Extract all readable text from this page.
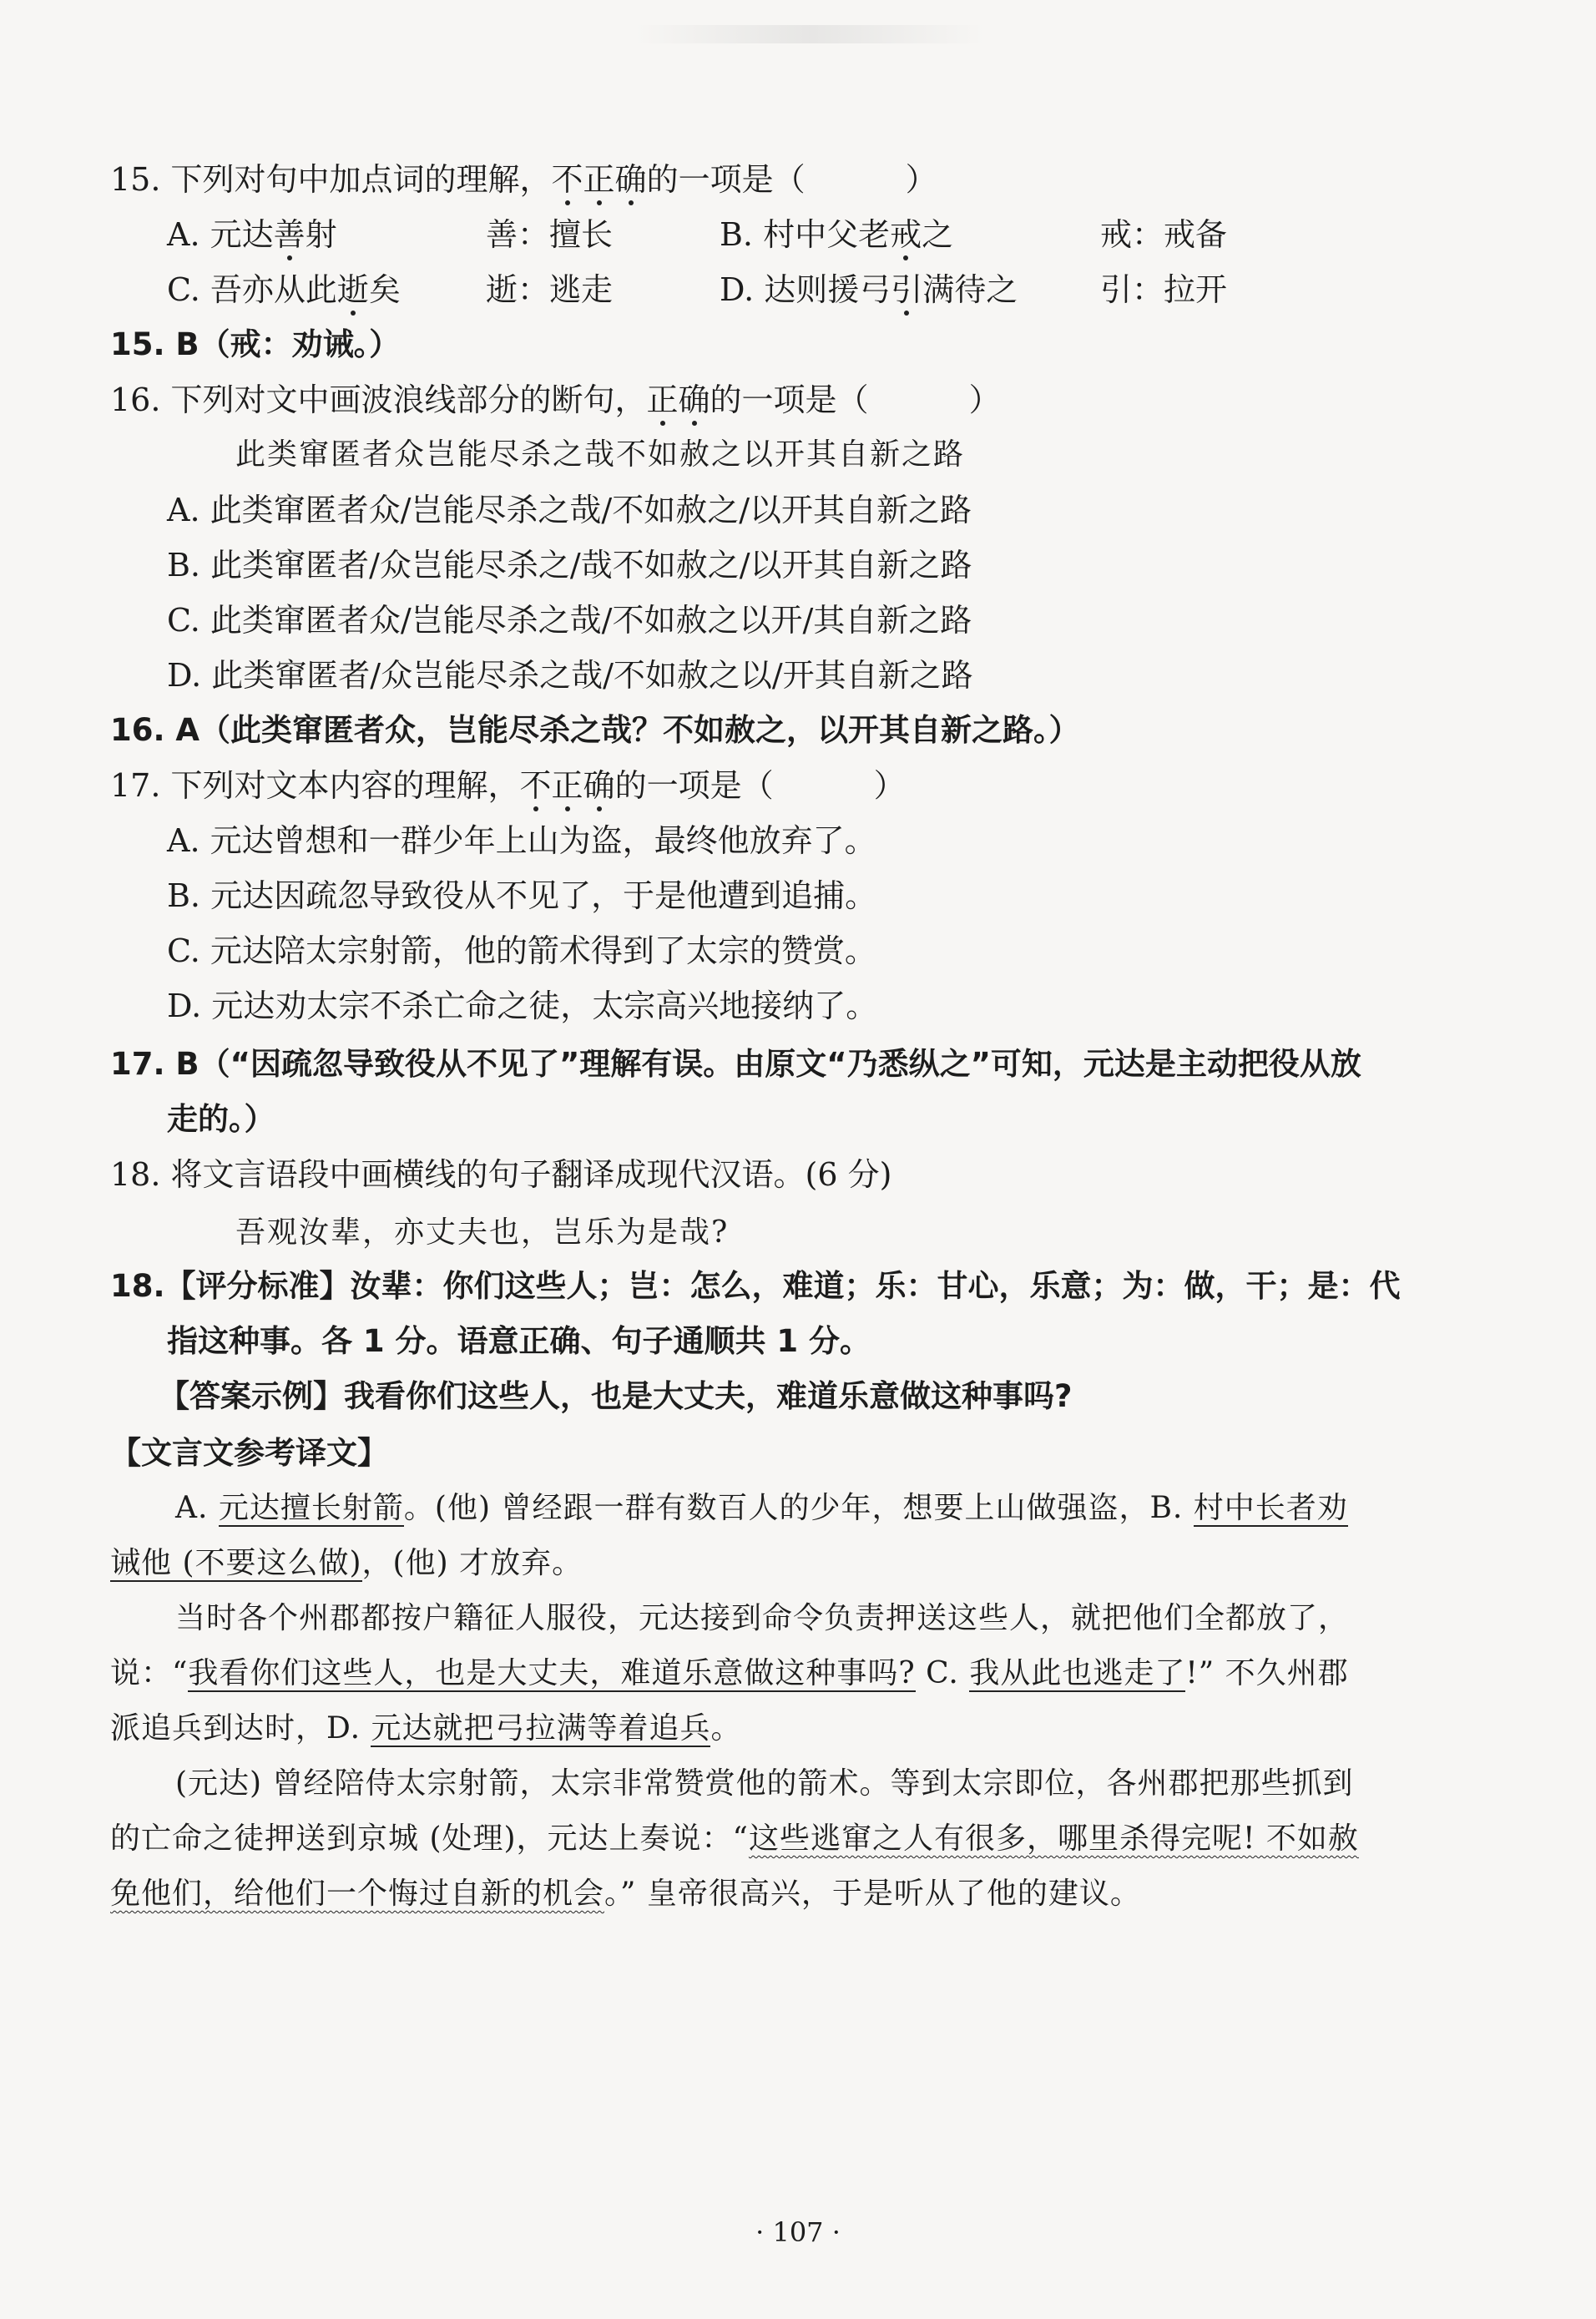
15. 下列对句中加点词的理解，不正确的一项是（	）
A. 元达善射	善：擅长	B. 村中父老戒之	戒：戒备
C. 吾亦从此逝矣	逝：逃走	D. 达则援弓引满待之	引：拉开
15. B（戒：劝诫。）
16. 下列对文中画波浪线部分的断句，正确的一项是（	）
此类窜匿者众岂能尽杀之哉不如赦之以开其自新之路
A. 此类窜匿者众/岂能尽杀之哉/不如赦之/以开其自新之路
B. 此类窜匿者/众岂能尽杀之/哉不如赦之/以开其自新之路
C. 此类窜匿者众/岂能尽杀之哉/不如赦之以开/其自新之路
D. 此类窜匿者/众岂能尽杀之哉/不如赦之以/开其自新之路
16. A（此类窜匿者众，岂能尽杀之哉？不如赦之，以开其自新之路。）
17. 下列对文本内容的理解，不正确的一项是（	）
A. 元达曾想和一群少年上山为盗，最终他放弃了。
B. 元达因疏忽导致役从不见了，于是他遭到追捕。
C. 元达陪太宗射箭，他的箭术得到了太宗的赞赏。
D. 元达劝太宗不杀亡命之徒，太宗高兴地接纳了。
17. B（“因疏忽导致役从不见了”理解有误。由原文“乃悉纵之”可知，元达是主动把役从放
走的。）
18. 将文言语段中画横线的句子翻译成现代汉语。(6 分)
吾观汝辈，亦丈夫也，岂乐为是哉?
18.【评分标准】汝辈：你们这些人；岂：怎么，难道；乐：甘心，乐意；为：做，干；是：代
指这种事。各 1 分。语意正确、句子通顺共 1 分。
【答案示例】我看你们这些人，也是大丈夫，难道乐意做这种事吗?
【文言文参考译文】
A. 元达擅长射箭。(他) 曾经跟一群有数百人的少年，想要上山做强盗，B. 村中长者劝
诫他 (不要这么做)，(他) 才放弃。
当时各个州郡都按户籍征人服役，元达接到命令负责押送这些人，就把他们全都放了，
说：“我看你们这些人，也是大丈夫，难道乐意做这种事吗? C. 我从此也逃走了!” 不久州郡
派追兵到达时，D. 元达就把弓拉满等着追兵。
(元达) 曾经陪侍太宗射箭，太宗非常赞赏他的箭术。等到太宗即位，各州郡把那些抓到
的亡命之徒押送到京城 (处理)，元达上奏说：“这些逃窜之人有很多，哪里杀得完呢! 不如赦
免他们，给他们一个悔过自新的机会。” 皇帝很高兴，于是听从了他的建议。
· 107 ·
